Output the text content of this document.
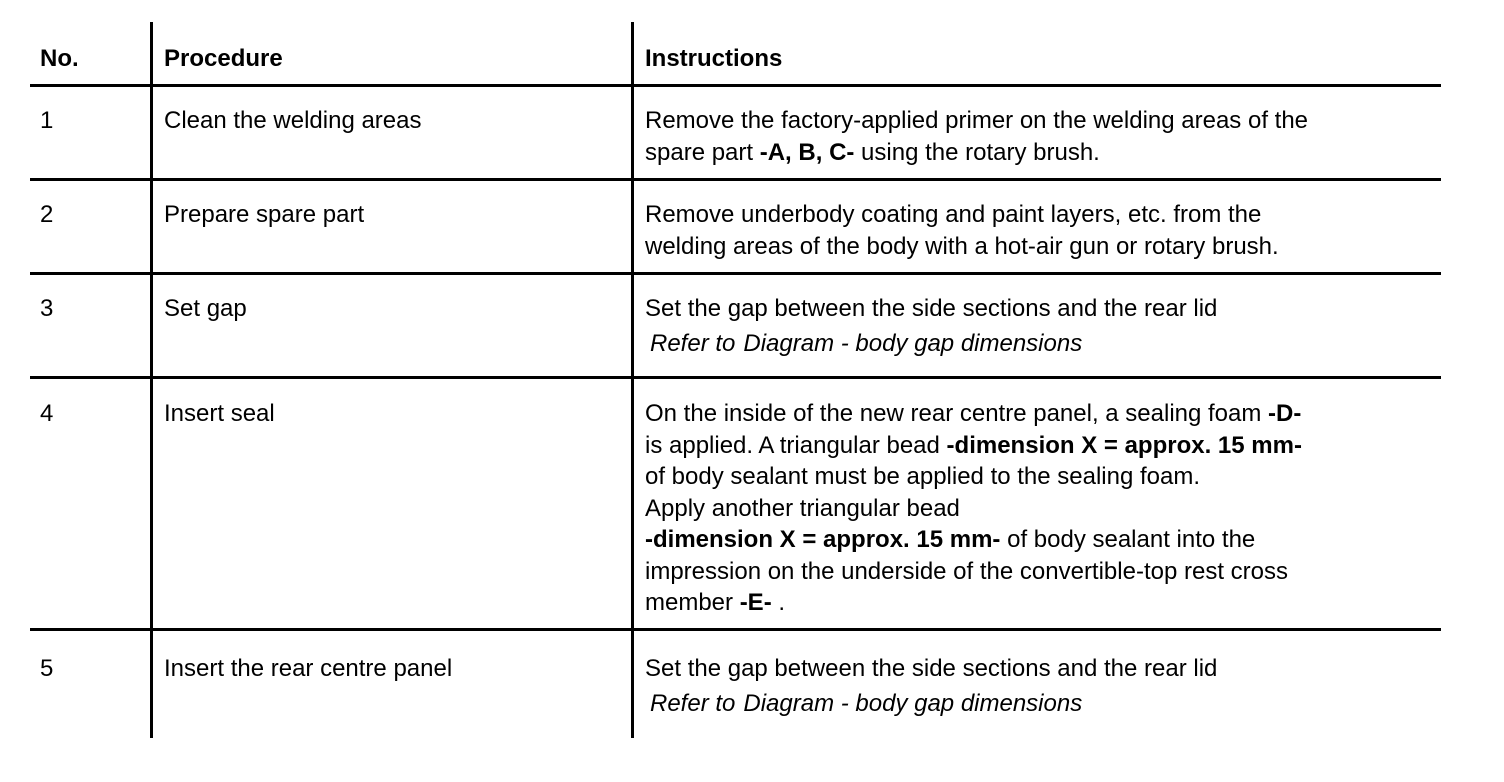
No.	Procedure	Instructions
1	Clean the welding areas	Remove the factory-applied primer on the welding areas of the
spare part -A, B, C- using the rotary brush.
2	Prepare spare part	Remove underbody coating and paint layers, etc. from the
welding areas of the body with a hot-air gun or rotary brush.
3	Set gap	Set the gap between the side sections and the rear lid
Refer to Diagram - body gap dimensions
4	Insert seal	On the inside of the new rear centre panel, a sealing foam -D-
is applied. A triangular bead -dimension X = approx. 15 mm-
of body sealant must be applied to the sealing foam.
Apply another triangular bead
-dimension X = approx. 15 mm- of body sealant into the
impression on the underside of the convertible-top rest cross
member -E- .
5	Insert the rear centre panel	Set the gap between the side sections and the rear lid
Refer to Diagram - body gap dimensions
